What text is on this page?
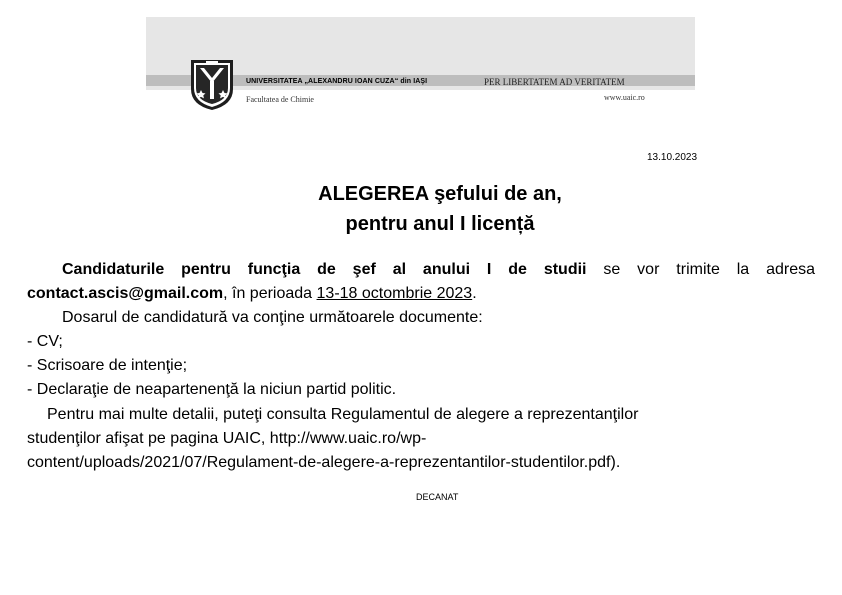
UNIVERSITATEA „ALEXANDRU IOAN CUZA“ din IAŞI	PER LIBERTATEM AD VERITATEM
Facultatea de Chimie	www.uaic.ro
13.10.2023
ALEGEREA şefului de an,
pentru anul I licență
Candidaturile pentru funcţia de şef al anului I de studii se vor trimite la adresa
contact.ascis@gmail.com, în perioada 13-18 octombrie 2023.
Dosarul de candidatură va conţine următoarele documente:
- CV;
- Scrisoare de intenţie;
- Declaraţie de neapartenenţă la niciun partid politic.
Pentru mai multe detalii, puteţi consulta Regulamentul de alegere a reprezentanţilor
studenţilor afişat pe pagina UAIC, http://www.uaic.ro/wp-
content/uploads/2021/07/Regulament-de-alegere-a-reprezentantilor-studentilor.pdf).
DECANAT
